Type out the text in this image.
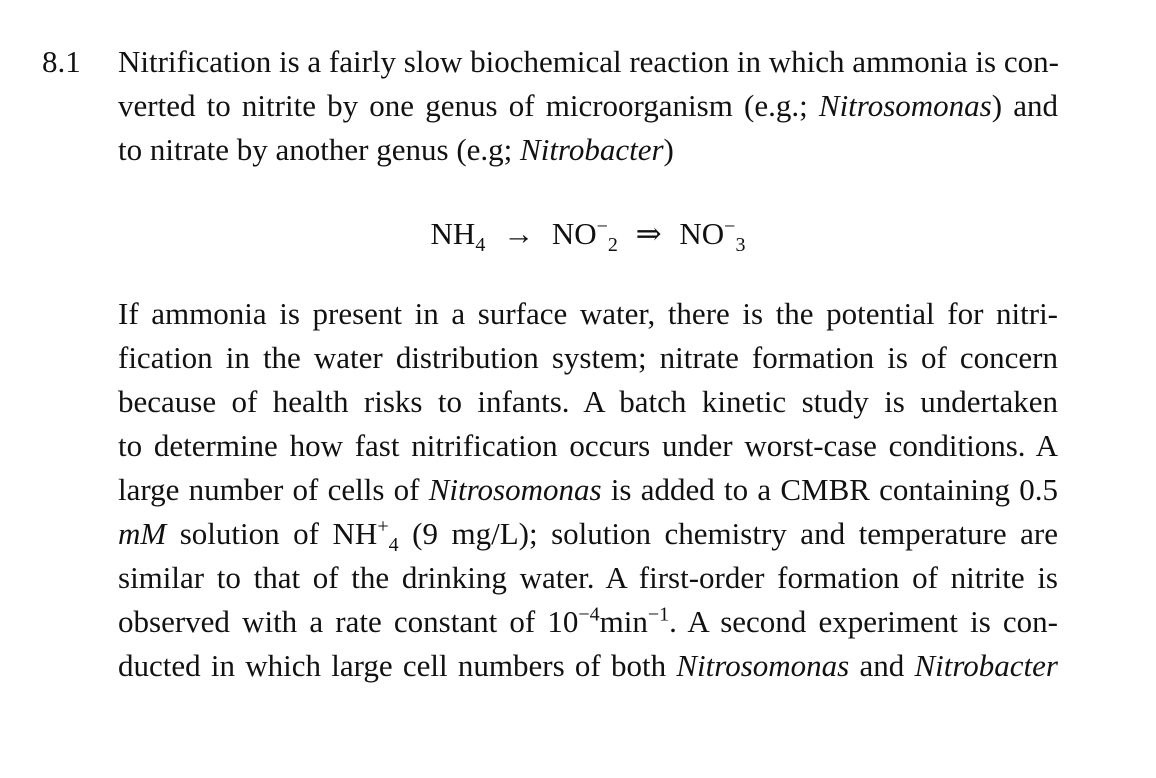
8.1 Nitrification is a fairly slow biochemical reaction in which ammonia is con-
verted to nitrite by one genus of microorganism (e.g.; Nitrosomonas) and
to nitrate by another genus (e.g; Nitrobacter)
$NH_4 \to NO^-_2$ ⇒ $NO^-_3$
If ammonia is present in a surface water, there is the potential for nitri-
fication in the water distribution system; nitrate formation is of concern
because of health risks to infants. A batch kinetic study is undertaken
to determine how fast nitrification occurs under worst-case conditions. A
large number of cells of Nitrosomonas is added to a CMBR containing 0.5
mM solution of $NH^+_4$ (9 mg/L); solution chemistry and temperature are
similar to that of the drinking water. A first-order formation of nitrite is
observed with a rate constant of $10^{-4}\min^{-1}$. A second experiment is con-
ducted in which large cell numbers of both Nitrosomonas and Nitrobacter
